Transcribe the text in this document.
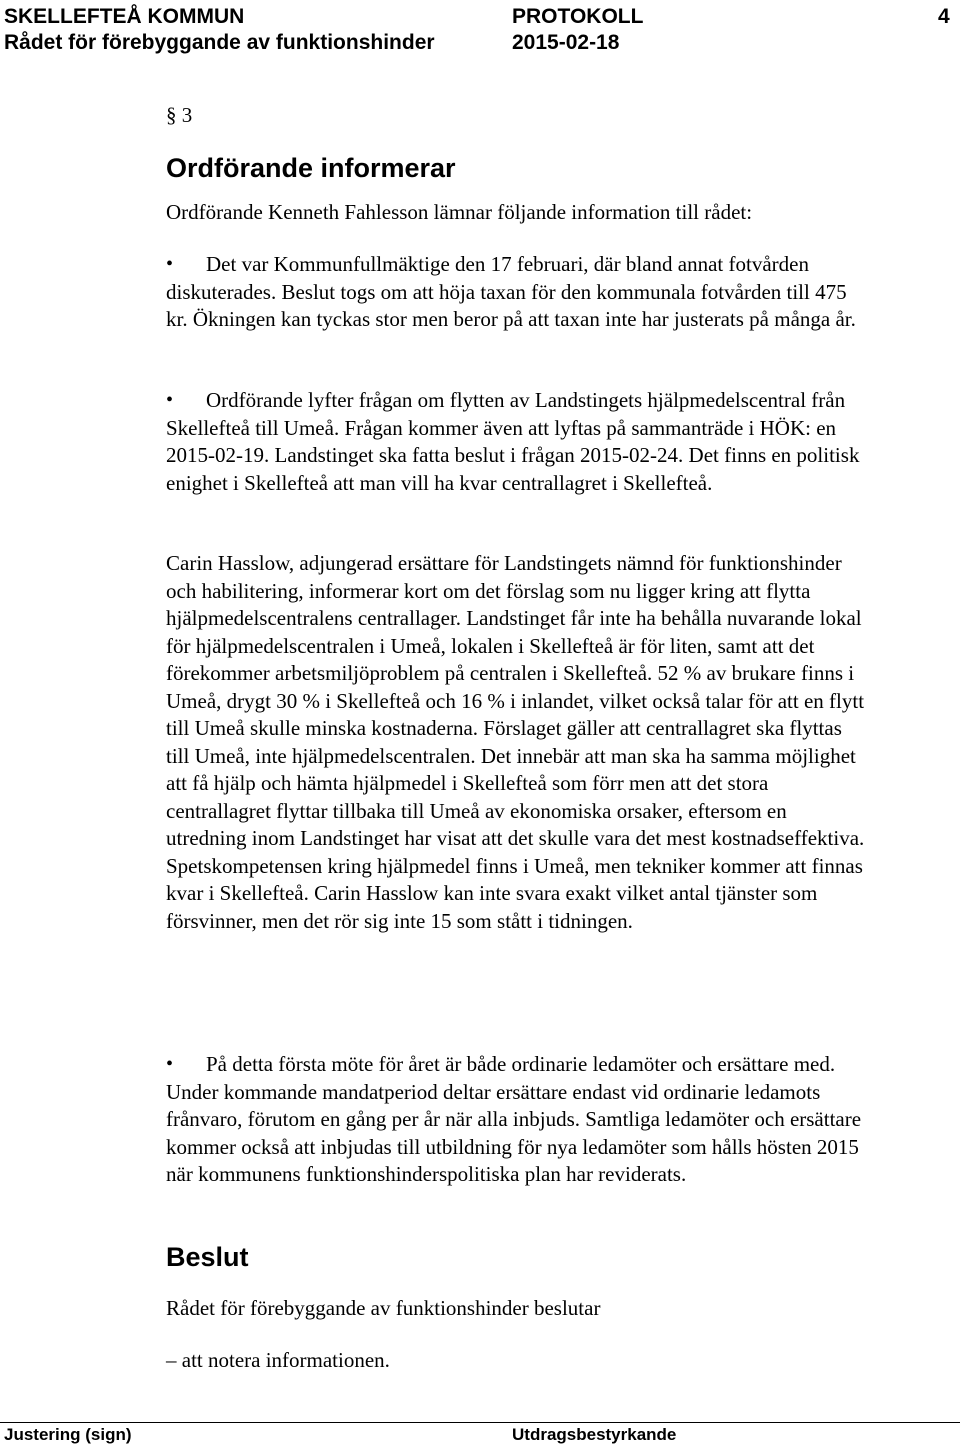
SKELLEFTEÅ KOMMUN	PROTOKOLL	4
Rådet för förebyggande av funktionshinder	2015-02-18
§ 3
Ordförande informerar

Ordförande Kenneth Fahlesson lämnar följande information till rådet:

•	Det var Kommunfullmäktige den 17 februari, där bland annat fotvården diskuterades. Beslut togs om att höja taxan för den kommunala fotvården till 475 kr. Ökningen kan tyckas stor men beror på att taxan inte har justerats på många år.

•	Ordförande lyfter frågan om flytten av Landstingets hjälpmedelscentral från Skellefteå till Umeå. Frågan kommer även att lyftas på sammanträde i HÖK: en 2015-02-19. Landstinget ska fatta beslut i frågan 2015-02-24. Det finns en politisk enighet i Skellefteå att man vill ha kvar centrallagret i Skellefteå.

Carin Hasslow, adjungerad ersättare för Landstingets nämnd för funktionshinder och habilitering, informerar kort om det förslag som nu ligger kring att flytta hjälpmedelscentralens centrallager. Landstinget får inte ha behålla nuvarande lokal för hjälpmedelscentralen i Umeå, lokalen i Skellefteå är för liten, samt att det förekommer arbetsmiljöproblem på centralen i Skellefteå. 52 % av brukare finns i Umeå, drygt 30 % i Skellefteå och 16 % i inlandet, vilket också talar för att en flytt till Umeå skulle minska kostnaderna. Förslaget gäller att centrallagret ska flyttas till Umeå, inte hjälpmedelscentralen. Det innebär att man ska ha samma möjlighet att få hjälp och hämta hjälpmedel i Skellefteå som förr men att det stora centrallagret flyttar tillbaka till Umeå av ekonomiska orsaker, eftersom en utredning inom Landstinget har visat att det skulle vara det mest kostnadseffektiva. Spetskompetensen kring hjälpmedel finns i Umeå, men tekniker kommer att finnas kvar i Skellefteå. Carin Hasslow kan inte svara exakt vilket antal tjänster som försvinner, men det rör sig inte 15 som stått i tidningen.

•	På detta första möte för året är både ordinarie ledamöter och ersättare med. Under kommande mandatperiod deltar ersättare endast vid ordinarie ledamots frånvaro, förutom en gång per år när alla inbjuds. Samtliga ledamöter och ersättare kommer också att inbjudas till utbildning för nya ledamöter som hålls hösten 2015 när kommunens funktionshinderspolitiska plan har reviderats.

Beslut

Rådet för förebyggande av funktionshinder beslutar

– att notera informationen.

Justering (sign)	Utdragsbestyrkande
